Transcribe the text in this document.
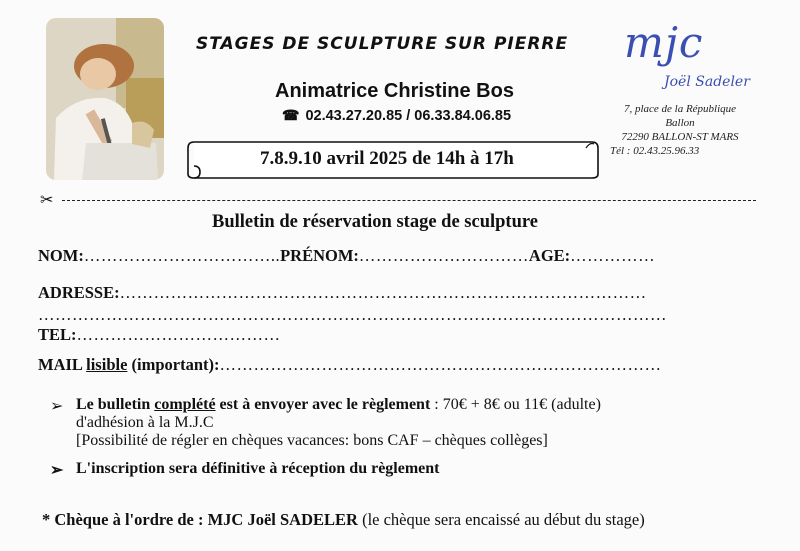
STAGES DE SCULPTURE SUR PIERRE mjc
Joël Sadeler
7, place de la République
Ballon
72290 BALLON-ST MARS
Tél : 02.43.25.96.33
Animatrice Christine Bos
☎ 02.43.27.20.85 / 06.33.84.06.85
7.8.9.10 avril 2025 de 14h à 17h
✂
Bulletin de réservation stage de sculpture
NOM:……………………………..PRÉNOM:…………………………AGE:……………
ADRESSE:…………………………………………………………………………………
…………………………………………………………………………………………………
TEL:………………………………
MAIL lisible (important):……………………………………………………………………
➢ Le bulletin complété est à envoyer avec le règlement : 70€ + 8€ ou 11€ (adulte)
d'adhésion à la M.J.C
[Possibilité de régler en chèques vacances: bons CAF – chèques collèges]
➢ L'inscription sera définitive à réception du règlement
* Chèque à l'ordre de : MJC Joël SADELER (le chèque sera encaissé au début du stage)
